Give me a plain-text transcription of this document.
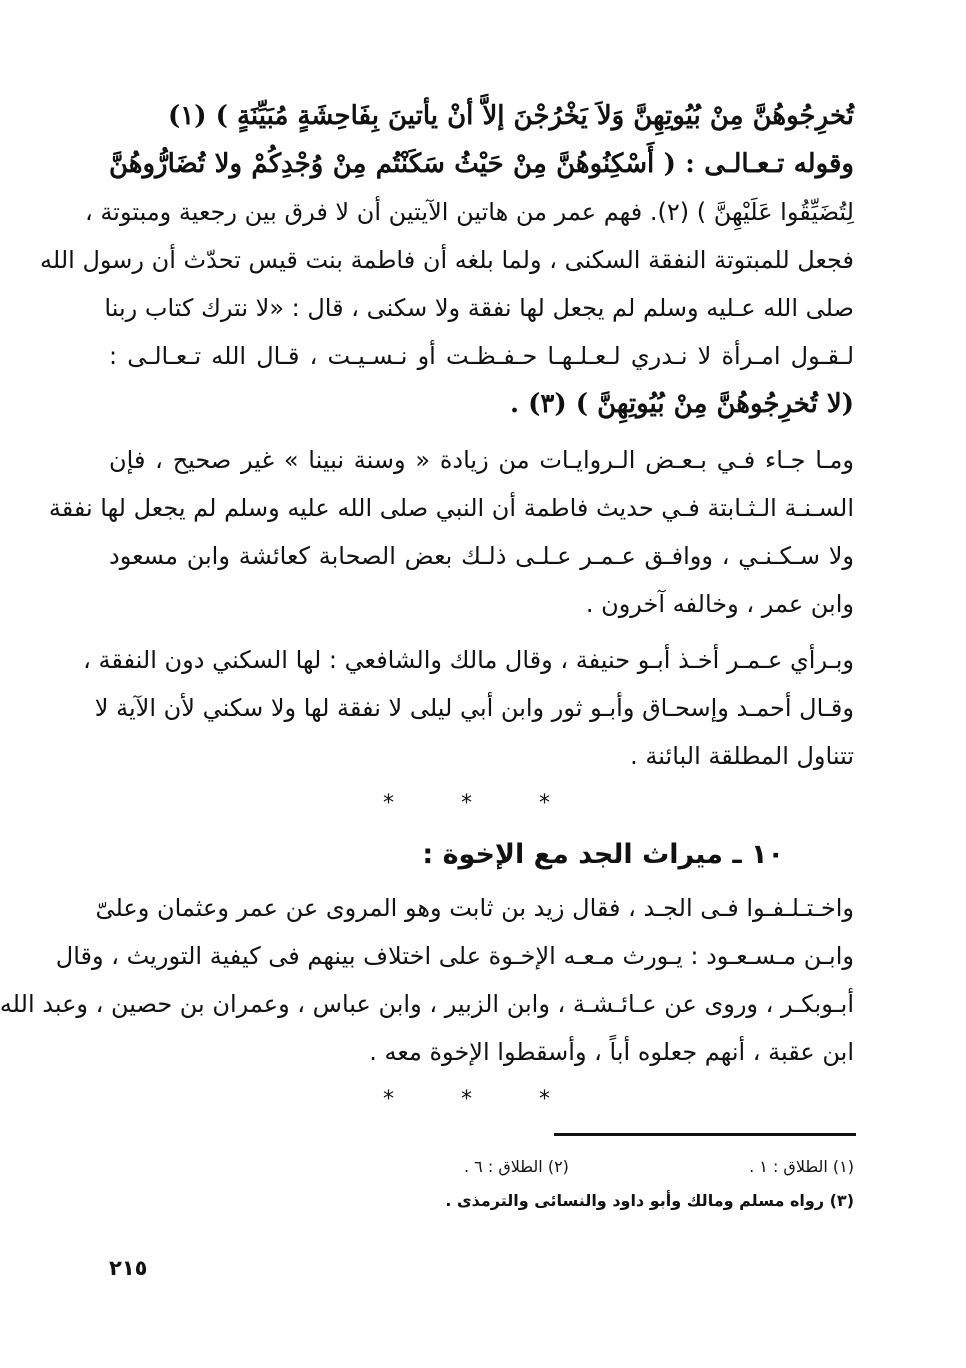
تُخرِجُوهُنَّ مِنْ بُيُوتِهِنَّ وَلاَ يَخْرُجْنَ إلاَّ أنْ يأتينَ بِفَاحِشَةٍ مُبَيِّنَةٍ ) (١)
وقوله تـعـالـى : ( أَسْكِنُوهُنَّ مِنْ حَيْثُ سَكَنْتُم مِنْ وُجْدِكُمْ ولا تُضَارُّوهُنَّ
لِتُضَيِّقُوا عَلَيْهِنَّ ) (٢). فهم عمر من هاتين الآيتين أن لا فرق بين رجعية ومبتوتة ،
فجعل للمبتوتة النفقة السكنى ، ولما بلغه أن فاطمة بنت قيس تحدّث أن رسول الله
صلى الله عـليه وسلم لم يجعل لها نفقة ولا سكنى ، قال : «لا نترك كتاب ربنا
لـقـول امـرأة لا نـدري لـعـلـهـا حـفـظـت أو نـسـيـت ، قـال الله تـعـالـى :
(لا تُخرِجُوهُنَّ مِنْ بُيُوتِهِنَّ ) (٣) .
ومـا جـاء فـي بـعـض الـروايـات من زيادة « وسنة نبينا » غير صحيح ، فإن
السـنـة الـثـابتة فـي حديث فاطمة أن النبي صلى الله عليه وسلم لم يجعل لها نفقة
ولا سـكـنـي ، ووافـق عـمـر عـلـى ذلـك بعض الصحابة كعائشة وابن مسعود
وابن عمر ، وخالفه آخرون .
وبـرأي عـمـر أخـذ أبـو حنيفة ، وقال مالك والشافعي : لها السكني دون النفقة ،
وقـال أحمـد وإسحـاق وأبـو ثور وابن أبي ليلى لا نفقة لها ولا سكني لأن الآية لا
تتناول المطلقة البائنة .
* * *
١٠ ـ ميراث الجد مع الإخوة :
واخـتـلـفـوا فـى الجـد ، فقال زيد بن ثابت وهو المروى عن عمر وعثمان وعلىّ
وابـن مـسـعـود : يـورث مـعـه الإخـوة على اختلاف بينهم فى كيفية التوريث ، وقال
أبـوبكـر ، وروى عن عـائـشـة ، وابن الزبير ، وابن عباس ، وعمران بن حصين ، وعبد الله
ابن عقبة ، أنهم جعلوه أباً ، وأسقطوا الإخوة معه .
* * *
(١) الطلاق : ١ . (٢) الطلاق : ٦ .
(٣) رواه مسلم ومالك وأبو داود والنسائى والترمذى .
٢١٥
